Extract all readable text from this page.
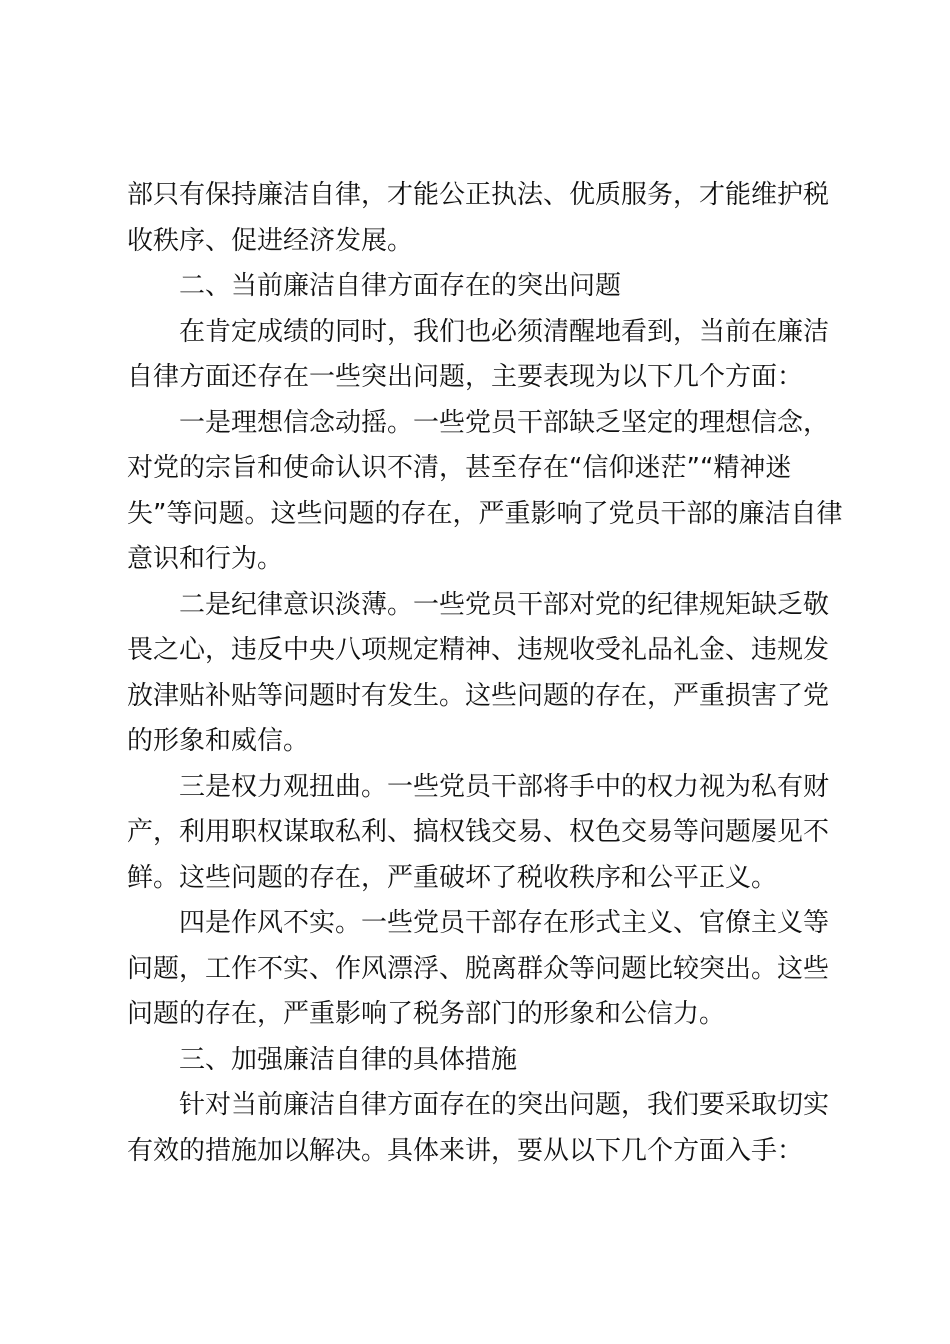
部只有保持廉洁自律，才能公正执法、优质服务，才能维护税
收秩序、促进经济发展。
二、当前廉洁自律方面存在的突出问题
在肯定成绩的同时，我们也必须清醒地看到，当前在廉洁
自律方面还存在一些突出问题，主要表现为以下几个方面：
一是理想信念动摇。一些党员干部缺乏坚定的理想信念，
对党的宗旨和使命认识不清，甚至存在“信仰迷茫”“精神迷
失”等问题。这些问题的存在，严重影响了党员干部的廉洁自律
意识和行为。
二是纪律意识淡薄。一些党员干部对党的纪律规矩缺乏敬
畏之心，违反中央八项规定精神、违规收受礼品礼金、违规发
放津贴补贴等问题时有发生。这些问题的存在，严重损害了党
的形象和威信。
三是权力观扭曲。一些党员干部将手中的权力视为私有财
产，利用职权谋取私利、搞权钱交易、权色交易等问题屡见不
鲜。这些问题的存在，严重破坏了税收秩序和公平正义。
四是作风不实。一些党员干部存在形式主义、官僚主义等
问题，工作不实、作风漂浮、脱离群众等问题比较突出。这些
问题的存在，严重影响了税务部门的形象和公信力。
三、加强廉洁自律的具体措施
针对当前廉洁自律方面存在的突出问题，我们要采取切实
有效的措施加以解决。具体来讲，要从以下几个方面入手：
